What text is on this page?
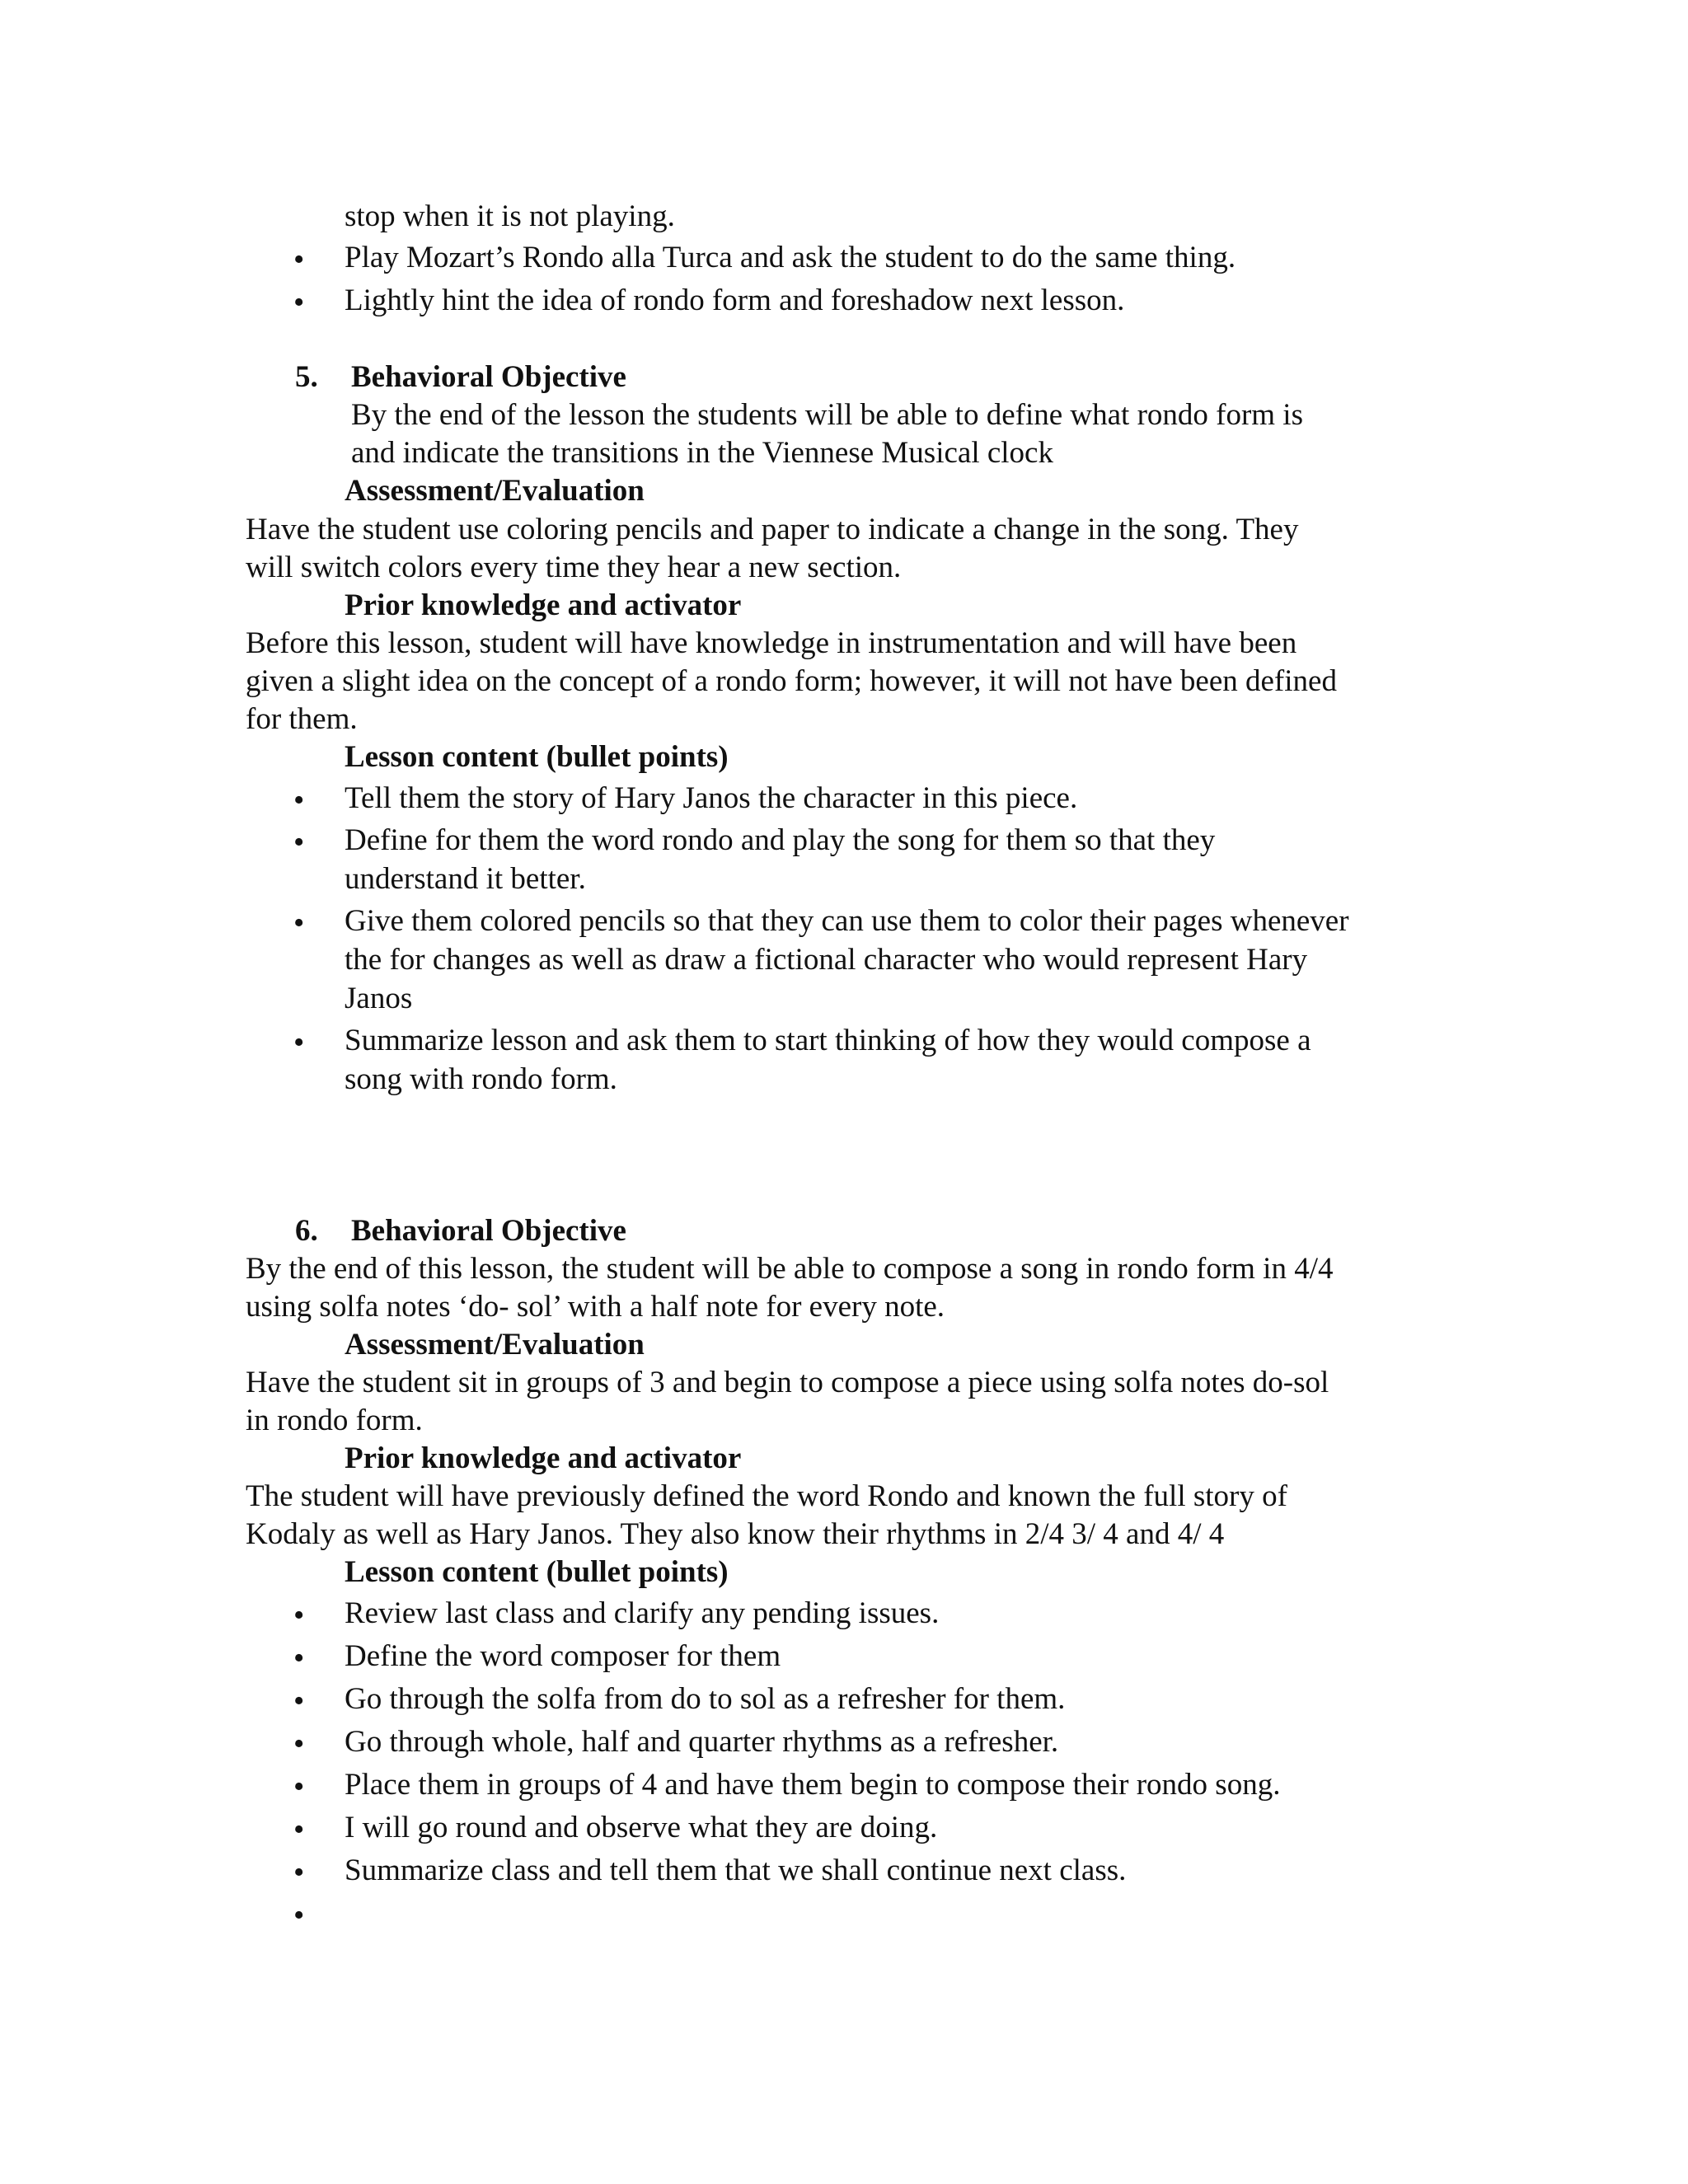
stop when it is not playing.
• Play Mozart’s Rondo alla Turca and ask the student to do the same thing.
• Lightly hint the idea of rondo form and foreshadow next lesson.
5. Behavioral Objective
By the end of the lesson the students will be able to define what rondo form is
and indicate the transitions in the Viennese Musical clock
Assessment/Evaluation
Have the student use coloring pencils and paper to indicate a change in the song. They
will switch colors every time they hear a new section.
Prior knowledge and activator
Before this lesson, student will have knowledge in instrumentation and will have been
given a slight idea on the concept of a rondo form; however, it will not have been defined
for them.
Lesson content (bullet points)
• Tell them the story of Hary Janos the character in this piece.
• Define for them the word rondo and play the song for them so that they
understand it better.
• Give them colored pencils so that they can use them to color their pages whenever
the for changes as well as draw a fictional character who would represent Hary
Janos
• Summarize lesson and ask them to start thinking of how they would compose a
song with rondo form.
6. Behavioral Objective
By the end of this lesson, the student will be able to compose a song in rondo form in 4/4
using solfa notes ‘do- sol’ with a half note for every note.
Assessment/Evaluation
Have the student sit in groups of 3 and begin to compose a piece using solfa notes do-sol
in rondo form.
Prior knowledge and activator
The student will have previously defined the word Rondo and known the full story of
Kodaly as well as Hary Janos. They also know their rhythms in 2/4 3/ 4 and 4/ 4
Lesson content (bullet points)
• Review last class and clarify any pending issues.
• Define the word composer for them
• Go through the solfa from do to sol as a refresher for them.
• Go through whole, half and quarter rhythms as a refresher.
• Place them in groups of 4 and have them begin to compose their rondo song.
• I will go round and observe what they are doing.
• Summarize class and tell them that we shall continue next class.
•
